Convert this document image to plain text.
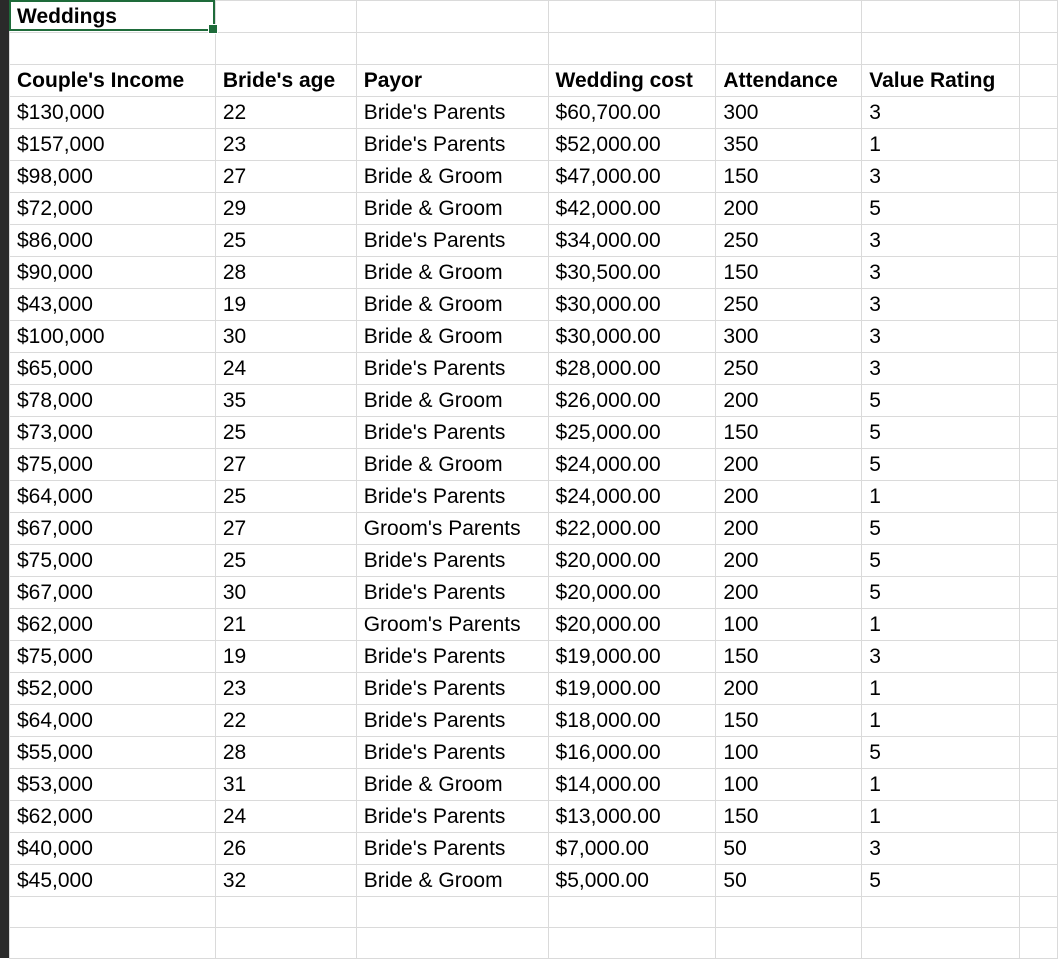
Weddings						

Couple's Income	Bride's age	Payor	Wedding cost	Attendance	Value Rating	
$130,000	22	Bride's Parents	$60,700.00	300	3	
$157,000	23	Bride's Parents	$52,000.00	350	1	
$98,000	27	Bride & Groom	$47,000.00	150	3	
$72,000	29	Bride & Groom	$42,000.00	200	5	
$86,000	25	Bride's Parents	$34,000.00	250	3	
$90,000	28	Bride & Groom	$30,500.00	150	3	
$43,000	19	Bride & Groom	$30,000.00	250	3	
$100,000	30	Bride & Groom	$30,000.00	300	3	
$65,000	24	Bride's Parents	$28,000.00	250	3	
$78,000	35	Bride & Groom	$26,000.00	200	5	
$73,000	25	Bride's Parents	$25,000.00	150	5	
$75,000	27	Bride & Groom	$24,000.00	200	5	
$64,000	25	Bride's Parents	$24,000.00	200	1	
$67,000	27	Groom's Parents	$22,000.00	200	5	
$75,000	25	Bride's Parents	$20,000.00	200	5	
$67,000	30	Bride's Parents	$20,000.00	200	5	
$62,000	21	Groom's Parents	$20,000.00	100	1	
$75,000	19	Bride's Parents	$19,000.00	150	3	
$52,000	23	Bride's Parents	$19,000.00	200	1	
$64,000	22	Bride's Parents	$18,000.00	150	1	
$55,000	28	Bride's Parents	$16,000.00	100	5	
$53,000	31	Bride & Groom	$14,000.00	100	1	
$62,000	24	Bride's Parents	$13,000.00	150	1	
$40,000	26	Bride's Parents	$7,000.00	50	3	
$45,000	32	Bride & Groom	$5,000.00	50	5	
